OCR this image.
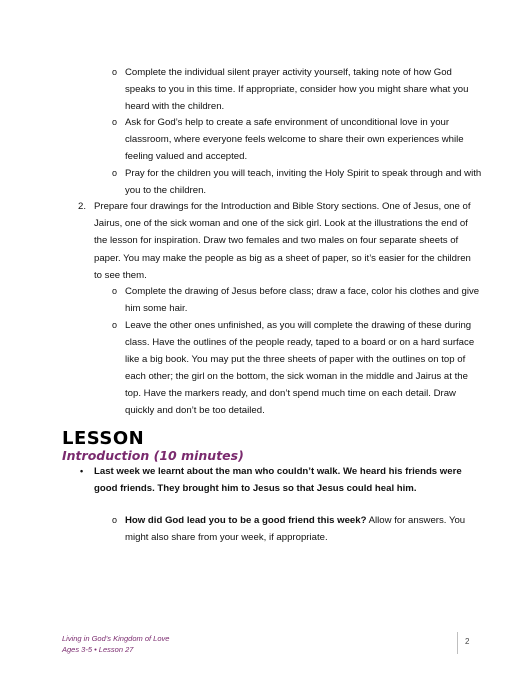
o Complete the individual silent prayer activity yourself, taking note of how God speaks to you in this time. If appropriate, consider how you might share what you heard with the children.
o Ask for God’s help to create a safe environment of unconditional love in your classroom, where everyone feels welcome to share their own experiences while feeling valued and accepted.
o Pray for the children you will teach, inviting the Holy Spirit to speak through and with you to the children.
2. Prepare four drawings for the Introduction and Bible Story sections. One of Jesus, one of Jairus, one of the sick woman and one of the sick girl. Look at the illustrations the end of the lesson for inspiration. Draw two females and two males on four separate sheets of paper. You may make the people as big as a sheet of paper, so it’s easier for the children to see them.
o Complete the drawing of Jesus before class; draw a face, color his clothes and give him some hair.
o Leave the other ones unfinished, as you will complete the drawing of these during class. Have the outlines of the people ready, taped to a board or on a hard surface like a big book. You may put the three sheets of paper with the outlines on top of each other; the girl on the bottom, the sick woman in the middle and Jairus at the top. Have the markers ready, and don’t spend much time on each detail. Draw quickly and don’t be too detailed.
LESSON
Introduction (10 minutes)
•	Last week we learnt about the man who couldn’t walk. We heard his friends were good friends. They brought him to Jesus so that Jesus could heal him.
o How did God lead you to be a good friend this week? Allow for answers. You might also share from your week, if appropriate.
Living in God’s Kingdom of Love
Ages 3-5 • Lesson 27
2
